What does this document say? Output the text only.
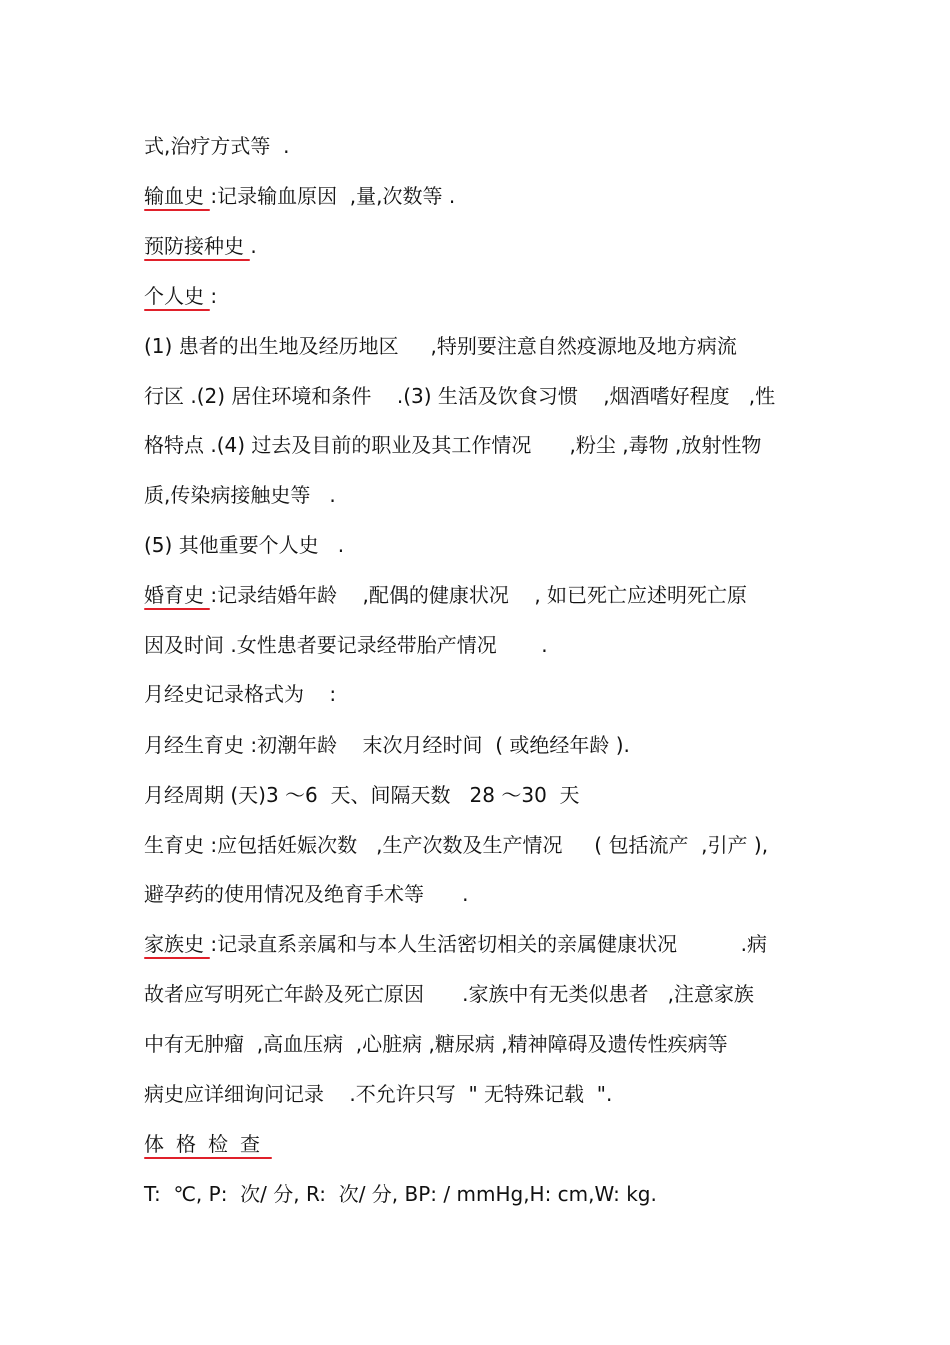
式,治疗方式等  .
输血史 :记录输血原因  ,量,次数等 .
预防接种史 .
个人史 :
(1) 患者的出生地及经历地区     ,特别要注意自然疫源地及地方病流
行区 .(2) 居住环境和条件    .(3) 生活及饮食习惯    ,烟酒嗜好程度   ,性
格特点 .(4) 过去及目前的职业及其工作情况      ,粉尘 ,毒物 ,放射性物
质,传染病接触史等   .
(5) 其他重要个人史   .
婚育史 :记录结婚年龄    ,配偶的健康状况    , 如已死亡应述明死亡原
因及时间 .女性患者要记录经带胎产情况       .
月经史记录格式为    :
月经生育史 :初潮年龄    末次月经时间  ( 或绝经年龄 ).
月经周期 (天)3 ～6  天、间隔天数   28 ～30  天
生育史 :应包括妊娠次数   ,生产次数及生产情况     ( 包括流产  ,引产 ),
避孕药的使用情况及绝育手术等      .
家族史 :记录直系亲属和与本人生活密切相关的亲属健康状况          .病
故者应写明死亡年龄及死亡原因      .家族中有无类似患者   ,注意家族
中有无肿瘤  ,高血压病  ,心脏病 ,糖尿病 ,精神障碍及遗传性疾病等
病史应详细询问记录    .不允许只写  " 无特殊记载  ".
体格检查
T:  ℃, P:  次/ 分, R:  次/ 分, BP: / mmHg,H: cm,W: kg.
